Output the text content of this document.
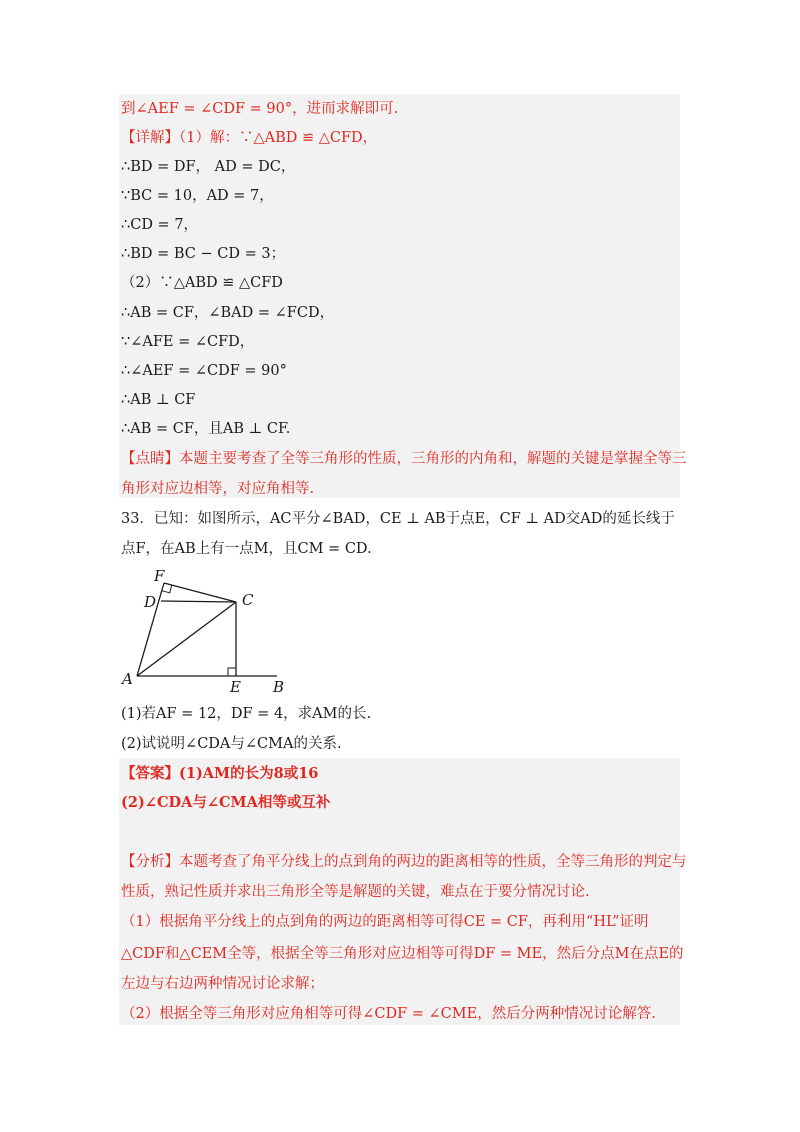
到∠AEF = ∠CDF = 90°，进而求解即可.
【详解】（1）解：∵△ABD ≌ △CFD，
∴BD = DF， AD = DC，
∵BC = 10，AD = 7，
∴CD = 7，
∴BD = BC − CD = 3；
（2）∵△ABD ≌ △CFD
∴AB = CF，∠BAD = ∠FCD，
∵∠AFE = ∠CFD，
∴∠AEF = ∠CDF = 90°
∴AB ⊥ CF
∴AB = CF，且AB ⊥ CF.
【点睛】本题主要考查了全等三角形的性质，三角形的内角和，解题的关键是掌握全等三
角形对应边相等，对应角相等.
33．已知：如图所示，AC平分∠BAD，CE ⊥ AB于点E，CF ⊥ AD交AD的延长线于
点F，在AB上有一点M，且CM = CD.
F
D	C
A	E B
(1)若AF = 12，DF = 4，求AM的长.
(2)试说明∠CDA与∠CMA的关系.
【答案】(1)AM的长为8或16
(2)∠CDA与∠CMA相等或互补
【分析】本题考查了角平分线上的点到角的两边的距离相等的性质，全等三角形的判定与
性质，熟记性质并求出三角形全等是解题的关键，难点在于要分情况讨论.
（1）根据角平分线上的点到角的两边的距离相等可得CE = CF，再利用“HL”证明
△CDF和△CEM全等，根据全等三角形对应边相等可得DF = ME，然后分点M在点E的
左边与右边两种情况讨论求解；
（2）根据全等三角形对应角相等可得∠CDF = ∠CME，然后分两种情况讨论解答.
